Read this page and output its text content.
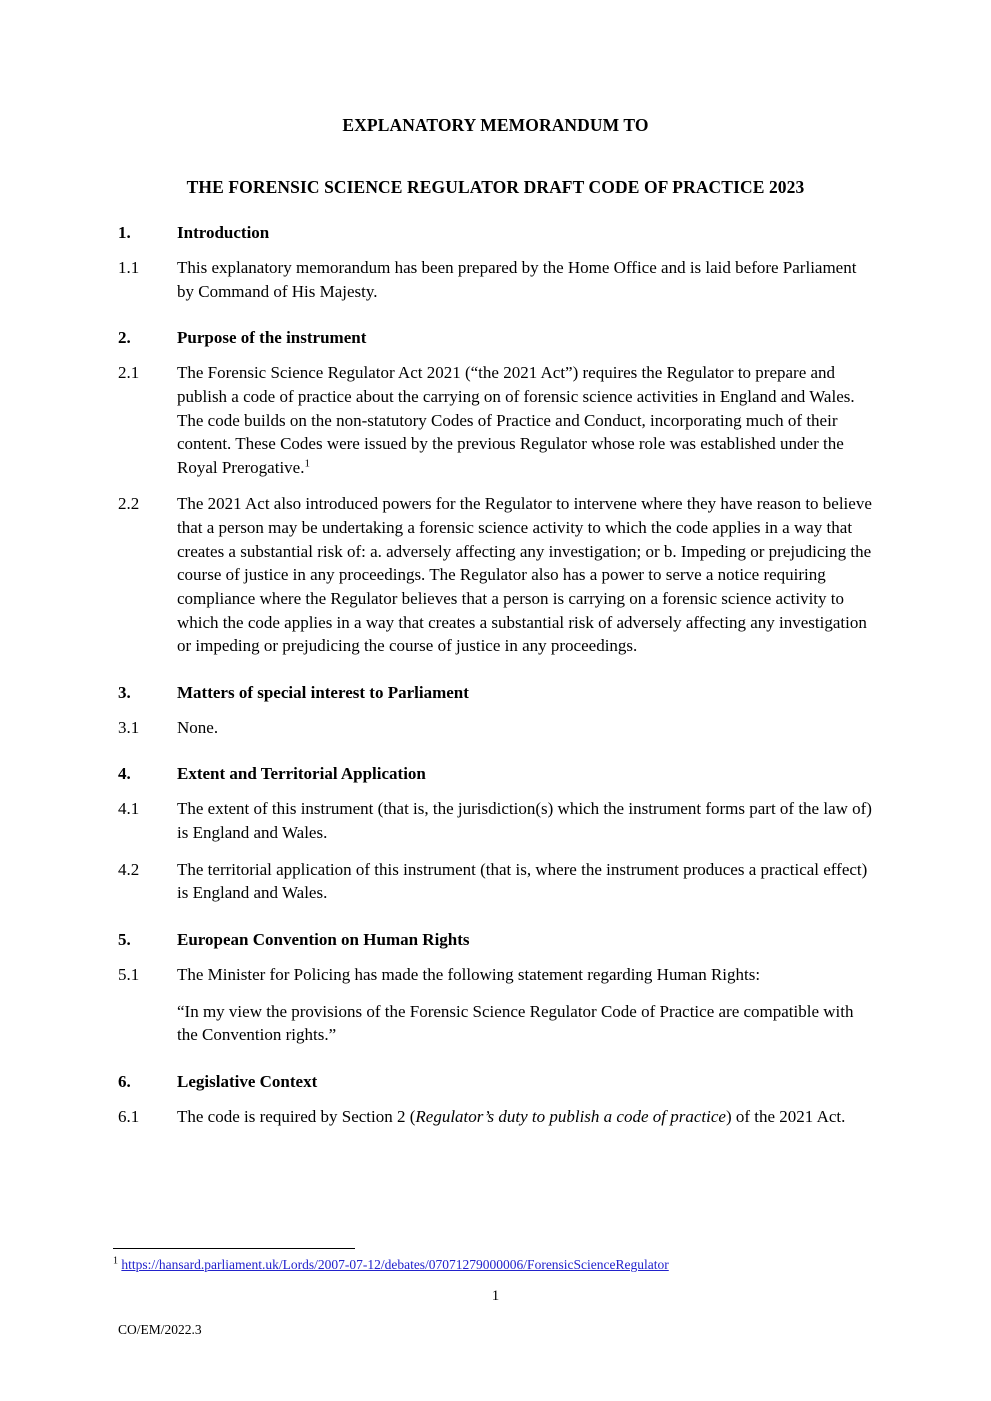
EXPLANATORY MEMORANDUM TO
THE FORENSIC SCIENCE REGULATOR DRAFT CODE OF PRACTICE 2023
1.	Introduction
1.1	This explanatory memorandum has been prepared by the Home Office and is laid before Parliament by Command of His Majesty.
2.	Purpose of the instrument
2.1	The Forensic Science Regulator Act 2021 (“the 2021 Act”) requires the Regulator to prepare and publish a code of practice about the carrying on of forensic science activities in England and Wales. The code builds on the non-statutory Codes of Practice and Conduct, incorporating much of their content. These Codes were issued by the previous Regulator whose role was established under the Royal Prerogative.$^1$
2.2	The 2021 Act also introduced powers for the Regulator to intervene where they have reason to believe that a person may be undertaking a forensic science activity to which the code applies in a way that creates a substantial risk of: a. adversely affecting any investigation; or b. Impeding or prejudicing the course of justice in any proceedings. The Regulator also has a power to serve a notice requiring compliance where the Regulator believes that a person is carrying on a forensic science activity to which the code applies in a way that creates a substantial risk of adversely affecting any investigation or impeding or prejudicing the course of justice in any proceedings.
3.	Matters of special interest to Parliament
3.1	None.
4.	Extent and Territorial Application
4.1	The extent of this instrument (that is, the jurisdiction(s) which the instrument forms part of the law of) is England and Wales.
4.2	The territorial application of this instrument (that is, where the instrument produces a practical effect) is England and Wales.
5.	European Convention on Human Rights
5.1	The Minister for Policing has made the following statement regarding Human Rights:
“In my view the provisions of the Forensic Science Regulator Code of Practice are compatible with the Convention rights.”
6.	Legislative Context
6.1	The code is required by Section 2 (Regulator’s duty to publish a code of practice) of the 2021 Act.
$^1$ https://hansard.parliament.uk/Lords/2007-07-12/debates/07071279000006/ForensicScienceRegulator
1
CO/EM/2022.3
